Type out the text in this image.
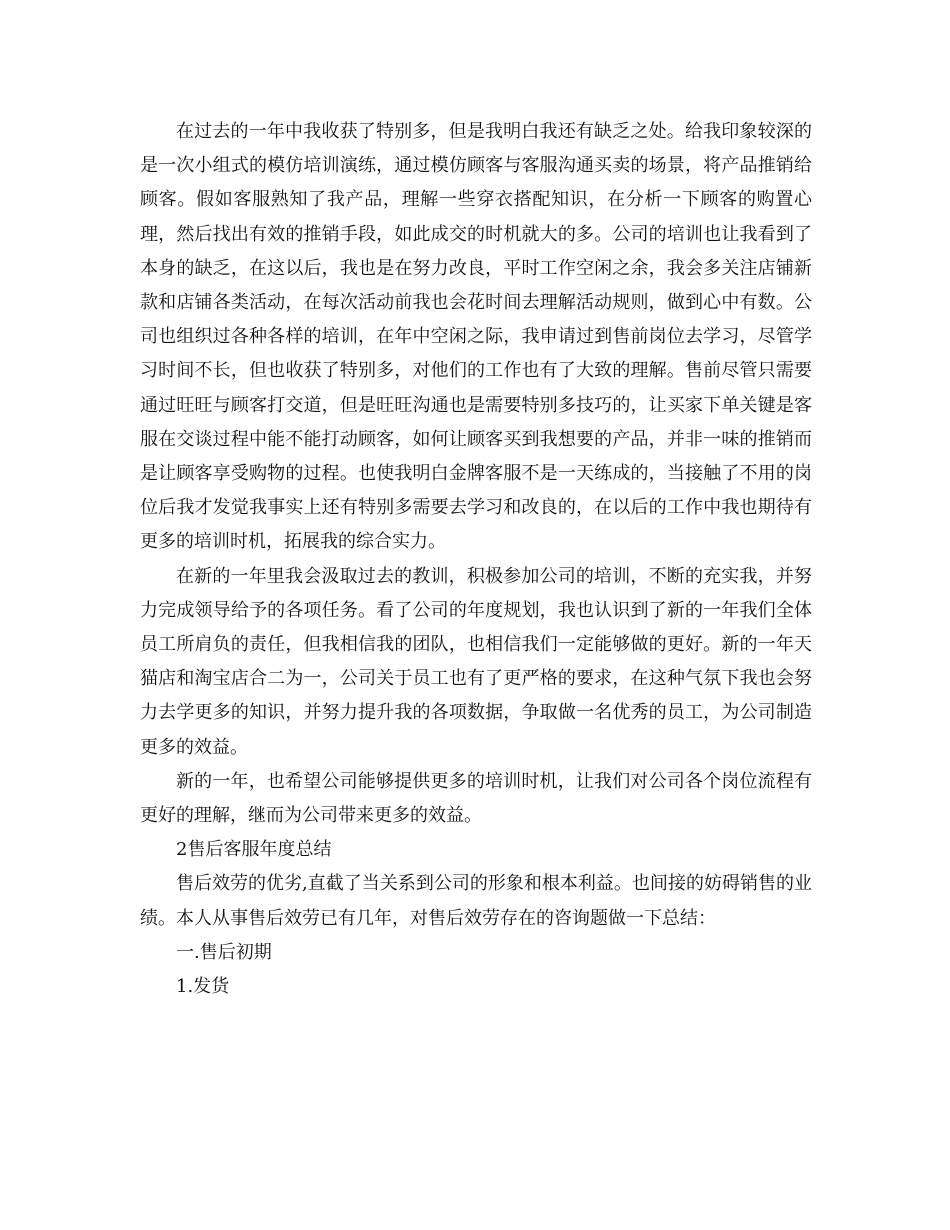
在过去的一年中我收获了特别多，但是我明白我还有缺乏之处。给我印象较深的是一次小组式的模仿培训演练，通过模仿顾客与客服沟通买卖的场景，将产品推销给顾客。假如客服熟知了我产品，理解一些穿衣搭配知识，在分析一下顾客的购置心理，然后找出有效的推销手段，如此成交的时机就大的多。公司的培训也让我看到了本身的缺乏，在这以后，我也是在努力改良，平时工作空闲之余，我会多关注店铺新款和店铺各类活动，在每次活动前我也会花时间去理解活动规则，做到心中有数。公司也组织过各种各样的培训，在年中空闲之际，我申请过到售前岗位去学习，尽管学习时间不长，但也收获了特别多，对他们的工作也有了大致的理解。售前尽管只需要通过旺旺与顾客打交道，但是旺旺沟通也是需要特别多技巧的，让买家下单关键是客服在交谈过程中能不能打动顾客，如何让顾客买到我想要的产品，并非一味的推销而是让顾客享受购物的过程。也使我明白金牌客服不是一天练成的，当接触了不用的岗位后我才发觉我事实上还有特别多需要去学习和改良的，在以后的工作中我也期待有更多的培训时机，拓展我的综合实力。

在新的一年里我会汲取过去的教训，积极参加公司的培训，不断的充实我，并努力完成领导给予的各项任务。看了公司的年度规划，我也认识到了新的一年我们全体员工所肩负的责任，但我相信我的团队，也相信我们一定能够做的更好。新的一年天猫店和淘宝店合二为一，公司关于员工也有了更严格的要求，在这种气氛下我也会努力去学更多的知识，并努力提升我的各项数据，争取做一名优秀的员工，为公司制造更多的效益。

新的一年，也希望公司能够提供更多的培训时机，让我们对公司各个岗位流程有更好的理解，继而为公司带来更多的效益。

2售后客服年度总结

售后效劳的优劣,直截了当关系到公司的形象和根本利益。也间接的妨碍销售的业绩。本人从事售后效劳已有几年，对售后效劳存在的咨询题做一下总结：

一.售后初期

1.发货
